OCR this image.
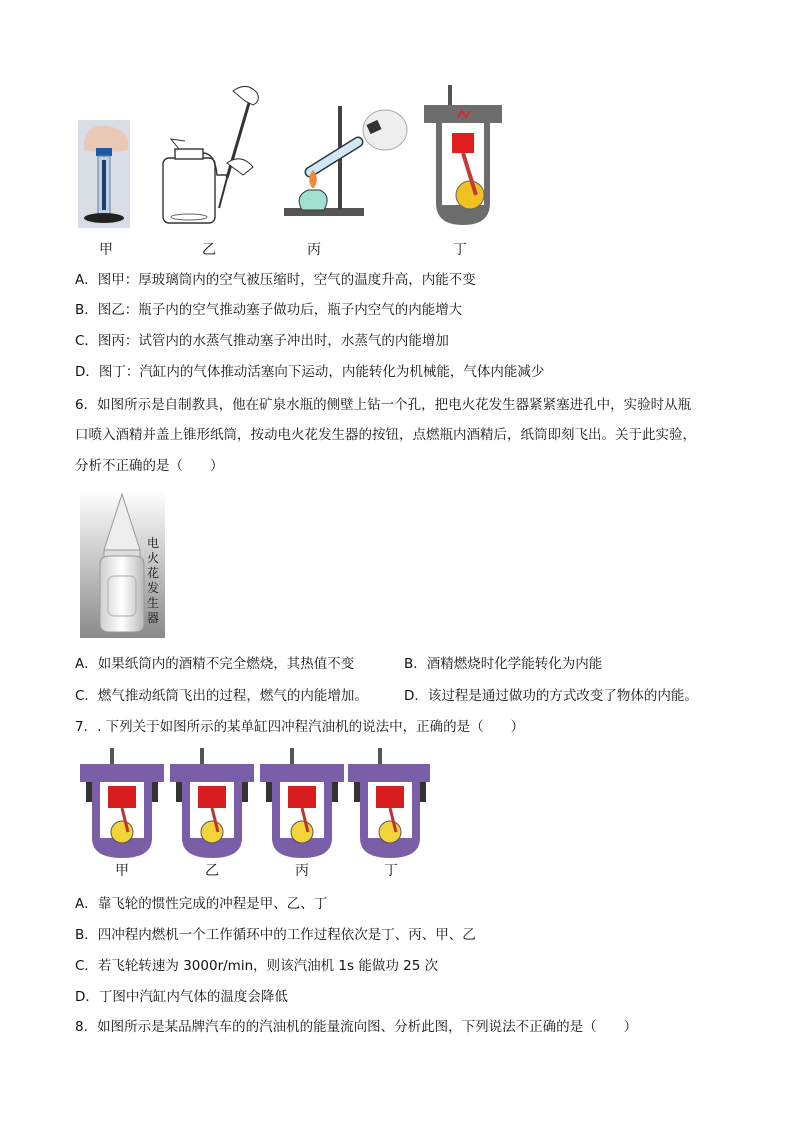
甲	乙	丙	丁
A．图甲：厚玻璃筒内的空气被压缩时，空气的温度升高，内能不变
B．图乙：瓶子内的空气推动塞子做功后，瓶子内空气的内能增大
C．图丙：试管内的水蒸气推动塞子冲出时，水蒸气的内能增加
D．图丁：汽缸内的气体推动活塞向下运动，内能转化为机械能，气体内能减少
6．如图所示是自制教具，他在矿泉水瓶的侧壁上钻一个孔，把电火花发生器紧紧塞进孔中，实验时从瓶
口喷入酒精并盖上锥形纸筒，按动电火花发生器的按钮，点燃瓶内酒精后，纸筒即刻飞出。关于此实验，
分析不正确的是（　　）
电
火
花
发
生
器
A．如果纸筒内的酒精不完全燃烧，其热值不变	B．酒精燃烧时化学能转化为内能
C．燃气推动纸筒飞出的过程，燃气的内能增加。	D．该过程是通过做功的方式改变了物体的内能。
7．. 下列关于如图所示的某单缸四冲程汽油机的说法中，正确的是（　　）
甲	乙	丙	丁
A．靠飞轮的惯性完成的冲程是甲、乙、丁
B．四冲程内燃机一个工作循环中的工作过程依次是丁、丙、甲、乙
C．若飞轮转速为 3000r/min，则该汽油机 1s 能做功 25 次
D．丁图中汽缸内气体的温度会降低
8．如图所示是某品牌汽车的的汽油机的能量流向图、分析此图，下列说法不正确的是（　　）
